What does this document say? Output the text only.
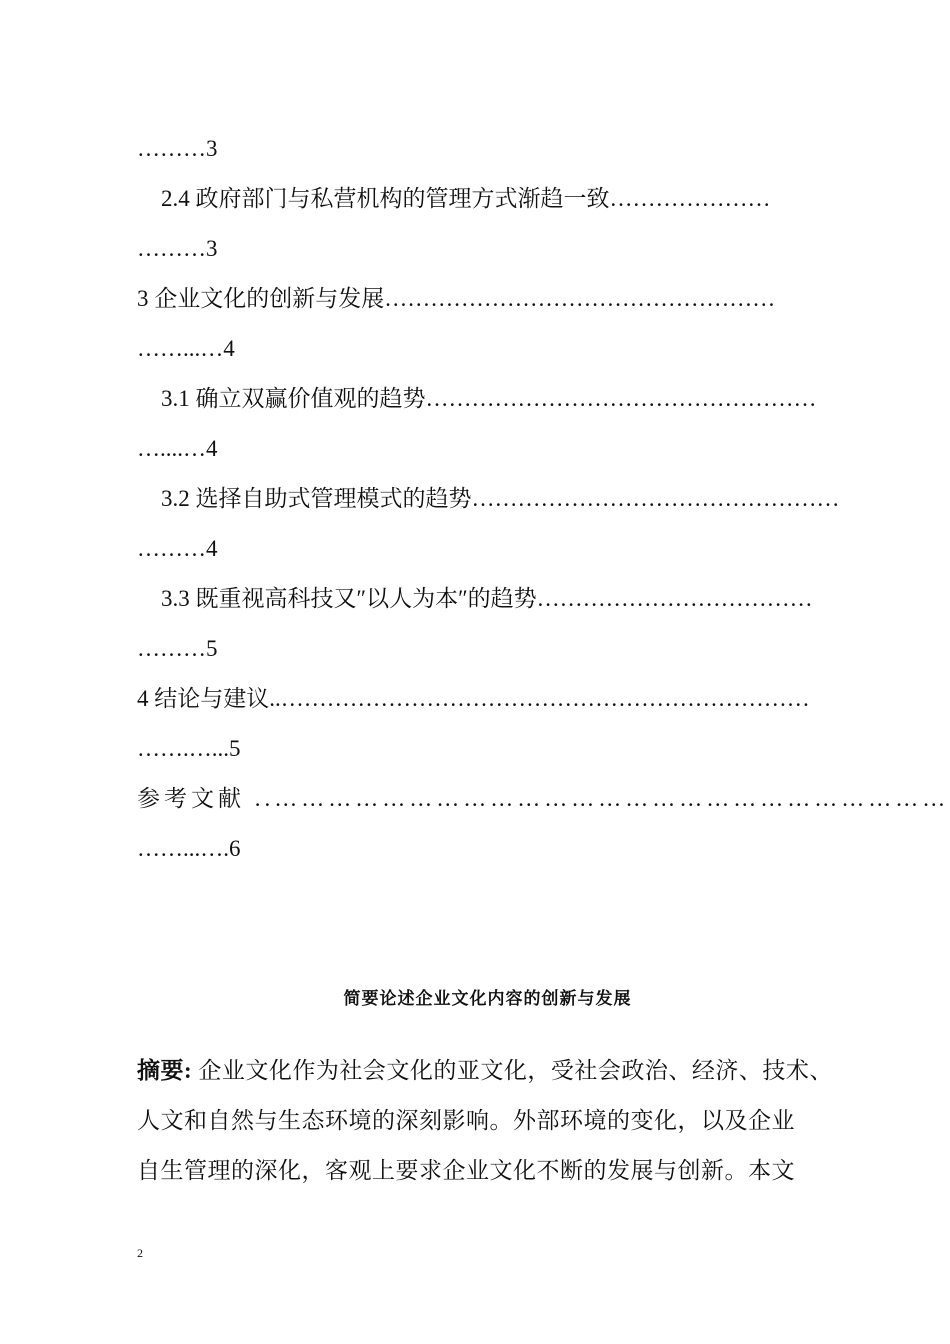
………3
2.4 政府部门与私营机构的管理方式渐趋一致…………………
………3
3 企业文化的创新与发展……………………………………………
……...…4
3.1 确立双赢价值观的趋势……………………………………………
…....…4
3.2 选择自助式管理模式的趋势…………………………………………
………4
3.3 既重视高科技又″以人为本″的趋势………………………………
………5
4 结论与建议..……………………………………………………………
…….…...5
参考文献 ..…………………………………………………………………
……...….6
简要论述企业文化内容的创新与发展
摘要: 企业文化作为社会文化的亚文化，受社会政治、经济、技术、
人文和自然与生态环境的深刻影响。外部环境的变化，以及企业
自生管理的深化，客观上要求企业文化不断的发展与创新。本文
2
